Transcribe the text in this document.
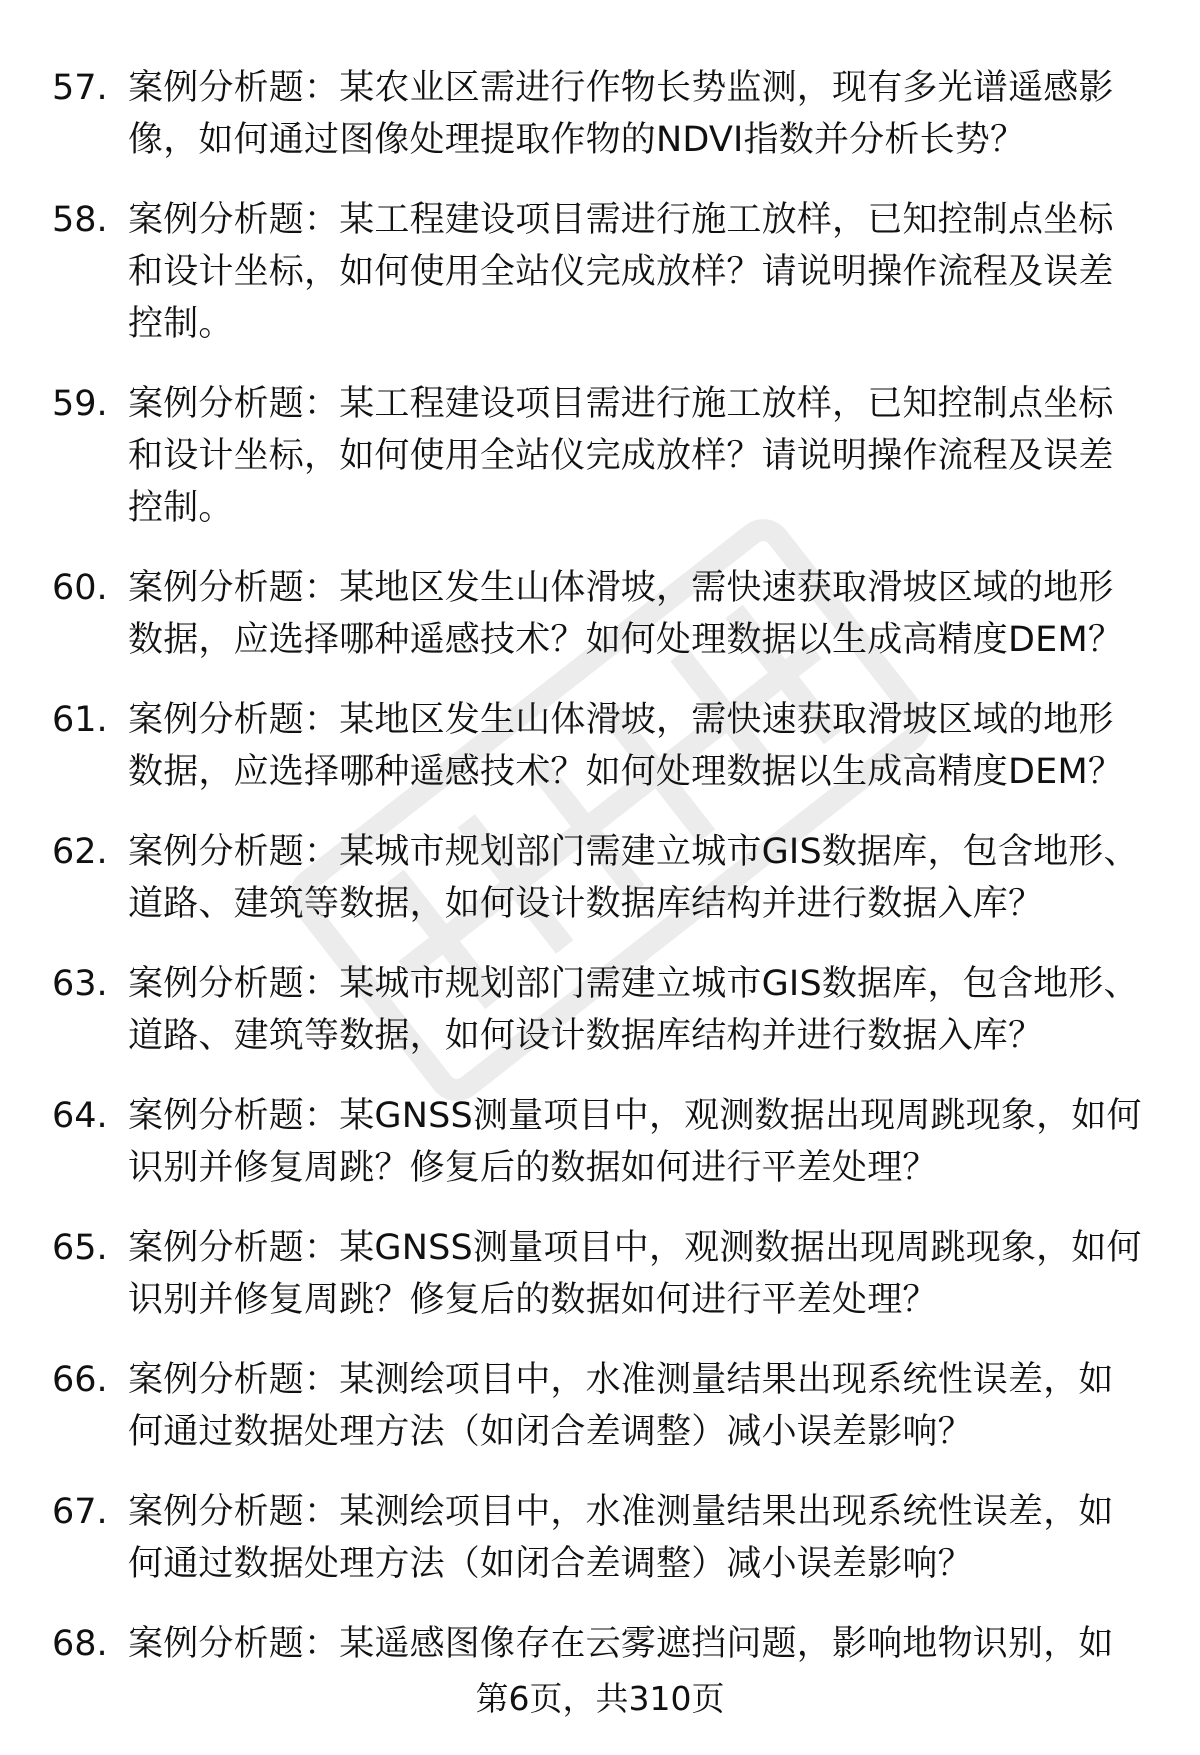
57. 案例分析题：某农业区需进行作物长势监测，现有多光谱遥感影像，如何通过图像处理提取作物的NDVI指数并分析长势？
58. 案例分析题：某工程建设项目需进行施工放样，已知控制点坐标和设计坐标，如何使用全站仪完成放样？请说明操作流程及误差控制。
59. 案例分析题：某工程建设项目需进行施工放样，已知控制点坐标和设计坐标，如何使用全站仪完成放样？请说明操作流程及误差控制。
60. 案例分析题：某地区发生山体滑坡，需快速获取滑坡区域的地形数据，应选择哪种遥感技术？如何处理数据以生成高精度DEM？
61. 案例分析题：某地区发生山体滑坡，需快速获取滑坡区域的地形数据，应选择哪种遥感技术？如何处理数据以生成高精度DEM？
62. 案例分析题：某城市规划部门需建立城市GIS数据库，包含地形、道路、建筑等数据，如何设计数据库结构并进行数据入库？
63. 案例分析题：某城市规划部门需建立城市GIS数据库，包含地形、道路、建筑等数据，如何设计数据库结构并进行数据入库？
64. 案例分析题：某GNSS测量项目中，观测数据出现周跳现象，如何识别并修复周跳？修复后的数据如何进行平差处理？
65. 案例分析题：某GNSS测量项目中，观测数据出现周跳现象，如何识别并修复周跳？修复后的数据如何进行平差处理？
66. 案例分析题：某测绘项目中，水准测量结果出现系统性误差，如何通过数据处理方法（如闭合差调整）减小误差影响？
67. 案例分析题：某测绘项目中，水准测量结果出现系统性误差，如何通过数据处理方法（如闭合差调整）减小误差影响？
68. 案例分析题：某遥感图像存在云雾遮挡问题，影响地物识别，如
第6页，共310页
